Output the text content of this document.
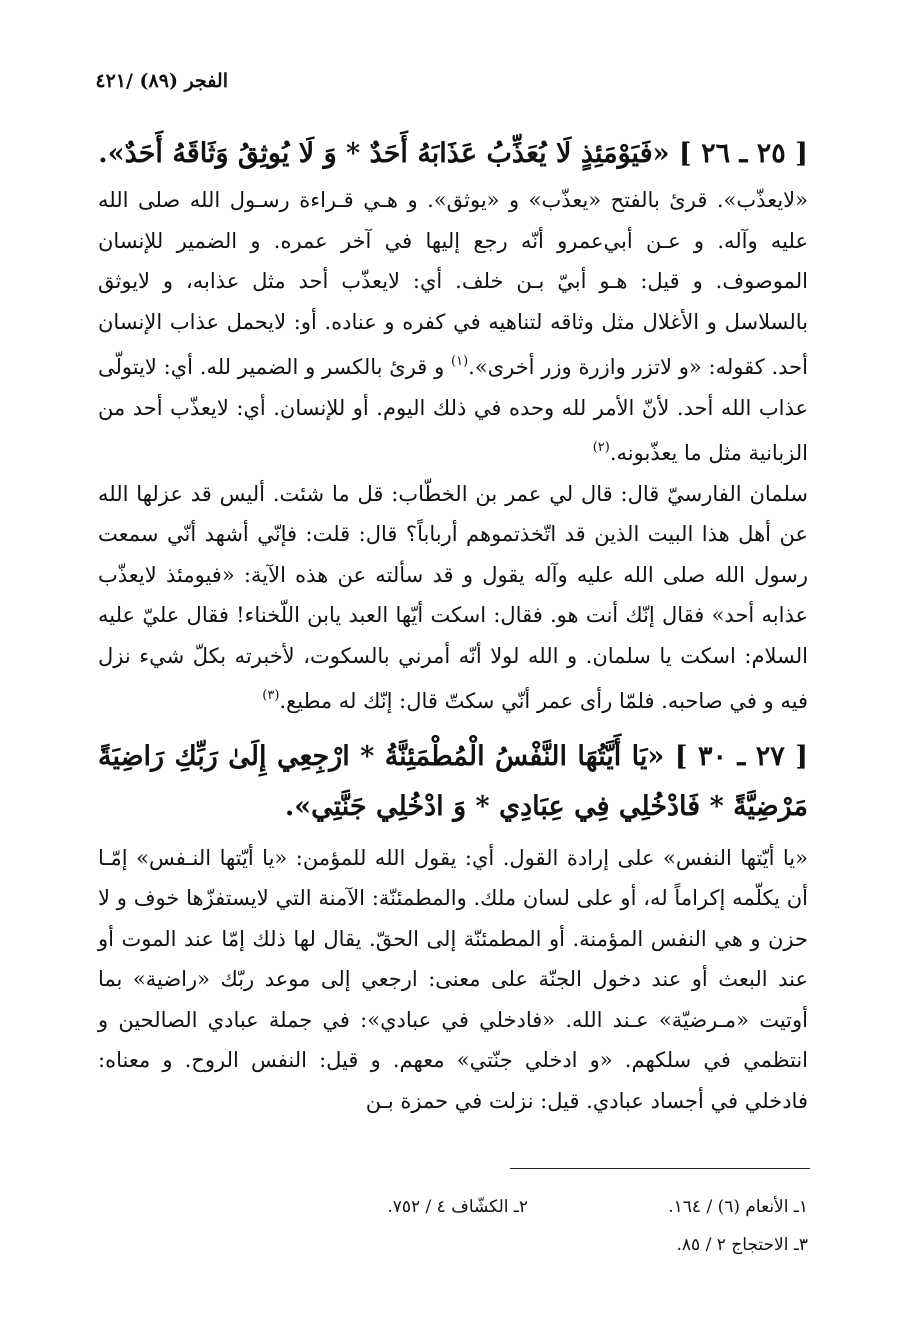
الفجر (٨٩) /٤٢١

[ ٢٥ ـ ٢٦ ] «فَيَوْمَئِذٍ لَا يُعَذِّبُ عَذَابَهُ أَحَدٌ * وَ لَا يُوثِقُ وَثَاقَهُ أَحَدٌ».

«لايعذّب». قرئ بالفتح «يعذّب» و «يوثق». و هـي قـراءة رسـول الله صلى الله عليه وآله. و عـن أبي‌عمرو أنّه رجع إليها في آخر عمره. و الضمير للإنسان الموصوف. و قيل: هـو أبيّ بـن خلف. أي: لايعذّب أحد مثل عذابه، و لايوثق بالسلاسل و الأغلال مثل وثاقه لتناهيه في كفره و عناده. أو: لايحمل عذاب الإنسان أحد. كقوله: «و لاتزر وازرة وزر أخرى».$^{(١)}$ و قرئ بالكسر و الضمير لله. أي: لايتولّى عذاب الله أحد. لأنّ الأمر لله وحده في ذلك اليوم. أو للإنسان. أي: لايعذّب أحد من الزبانية مثل ما يعذّبونه.$^{(٢)}$

سلمان الفارسيّ قال: قال لي عمر بن الخطّاب: قل ما شئت. أليس قد عزلها الله عن أهل هذا البيت الذين قد اتّخذتموهم أرباباً؟ قال: قلت: فإنّي أشهد أنّي سمعت رسول الله صلى الله عليه وآله يقول و قد سألته عن هذه الآية: «فيومئذ لايعذّب عذابه أحد» فقال إنّك أنت هو. فقال: اسكت أيّها العبد يابن اللّخناء! فقال عليّ عليه السلام: اسكت يا سلمان. و الله لولا أنّه أمرني بالسكوت، لأخبرته بكلّ شيء نزل فيه و في صاحبه. فلمّا رأى عمر أنّي سكتّ قال: إنّك له مطيع.$^{(٣)}$

[ ٢٧ ـ ٣٠ ] «يَا أَيَّتُهَا النَّفْسُ الْمُطْمَئِنَّةُ * ارْجِعِي إِلَىٰ رَبِّكِ رَاضِيَةً مَرْضِيَّةً * فَادْخُلِي فِي عِبَادِي * وَ ادْخُلِي جَنَّتِي».

«يا أيّتها النفس» على إرادة القول. أي: يقول الله للمؤمن: «يا أيّتها النـفس» إمّـا أن يكلّمه إكراماً له، أو على لسان ملك. والمطمئنّة: الآمنة التي لايستفزّها خوف و لا حزن و هي النفس المؤمنة. أو المطمئنّة إلى الحقّ. يقال لها ذلك إمّا عند الموت أو عند البعث أو عند دخول الجنّة على معنى: ارجعي إلى موعد ربّك «راضية» بما أوتيت «مـرضيّة» عـند الله. «فادخلي في عبادي»: في جملة عبادي الصالحين و انتظمي في سلكهم. «و ادخلي جنّتي» معهم. و قيل: النفس الروح. و معناه: فادخلي في أجساد عبادي. قيل: نزلت في حمزة بـن

١ـ الأنعام (٦) / ١٦٤.
٢ـ الكشّاف ٤ / ٧٥٢.
٣ـ الاحتجاج ٢ / ٨٥.
